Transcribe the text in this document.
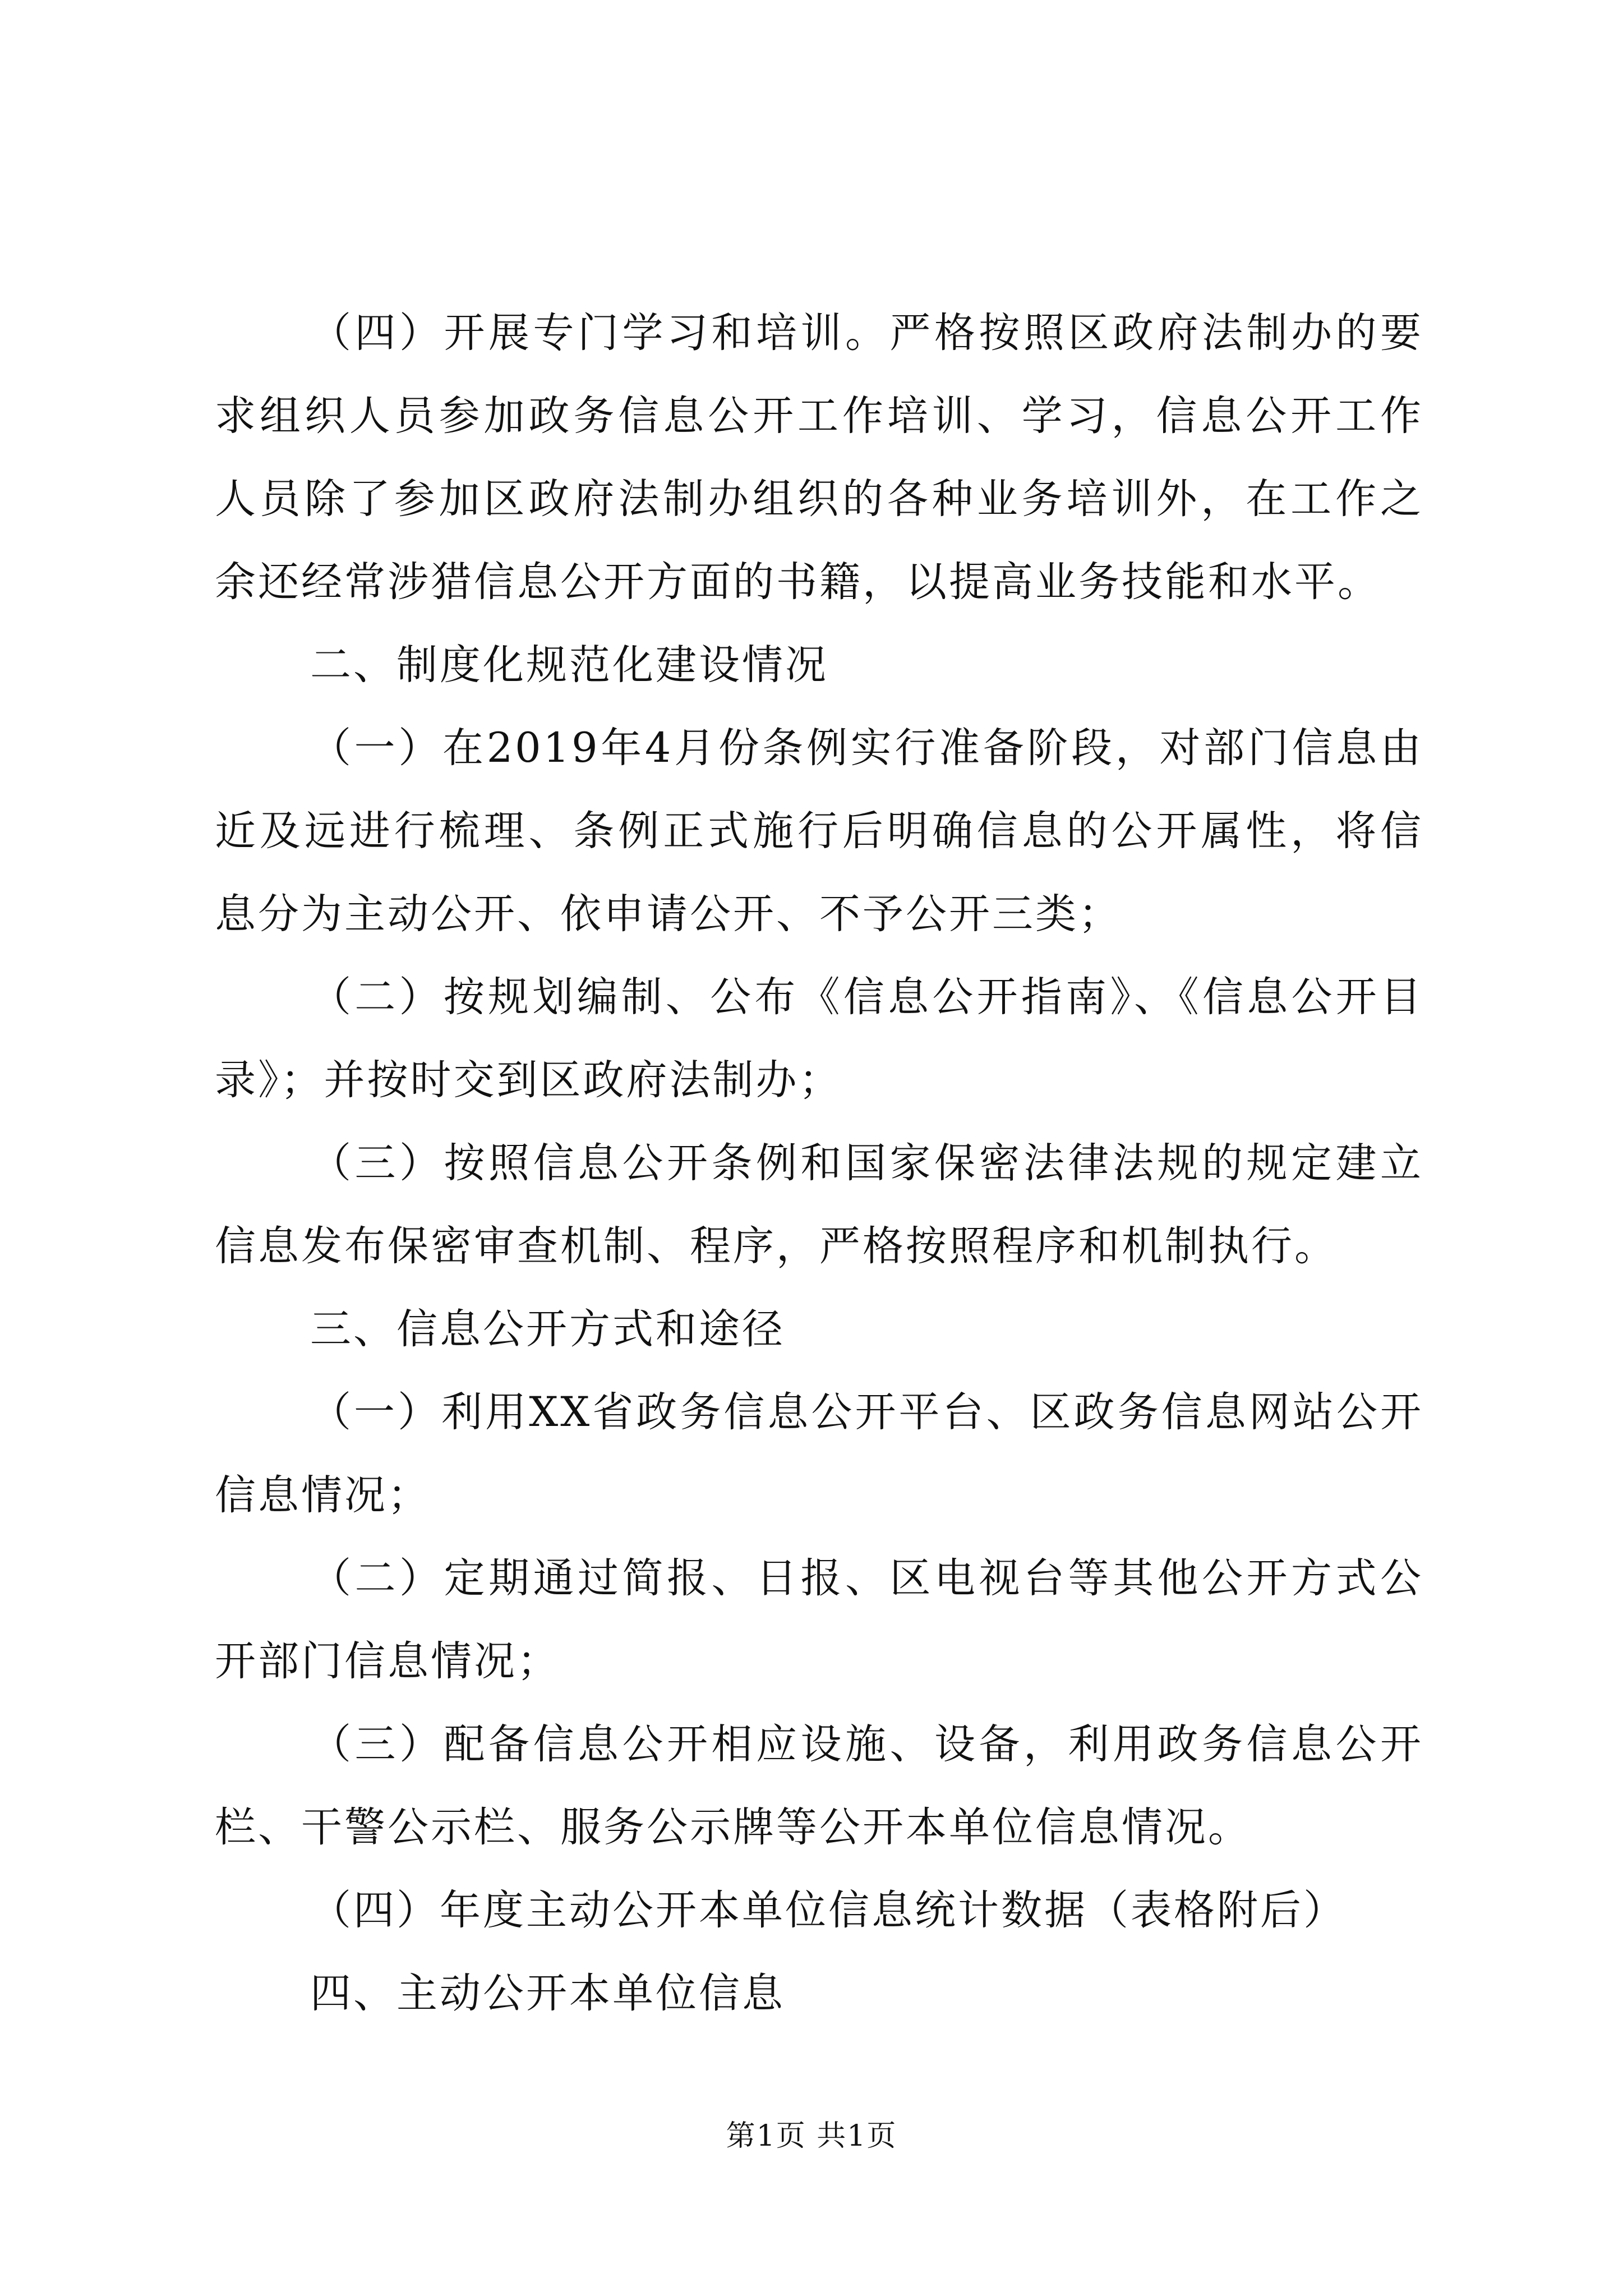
（四）开展专门学习和培训。严格按照区政府法制办的要求组织人员参加政务信息公开工作培训、学习，信息公开工作人员除了参加区政府法制办组织的各种业务培训外，在工作之余还经常涉猎信息公开方面的书籍，以提高业务技能和水平。

二、制度化规范化建设情况

（一）在2019年4月份条例实行准备阶段，对部门信息由近及远进行梳理、条例正式施行后明确信息的公开属性，将信息分为主动公开、依申请公开、不予公开三类；

（二）按规划编制、公布《信息公开指南》、《信息公开目录》；并按时交到区政府法制办；

（三）按照信息公开条例和国家保密法律法规的规定建立信息发布保密审查机制、程序，严格按照程序和机制执行。

三、信息公开方式和途径

（一）利用XX省政务信息公开平台、区政务信息网站公开信息情况；

（二）定期通过简报、日报、区电视台等其他公开方式公开部门信息情况；

（三）配备信息公开相应设施、设备，利用政务信息公开栏、干警公示栏、服务公示牌等公开本单位信息情况。

（四）年度主动公开本单位信息统计数据（表格附后）

四、主动公开本单位信息

第1页 共1页
